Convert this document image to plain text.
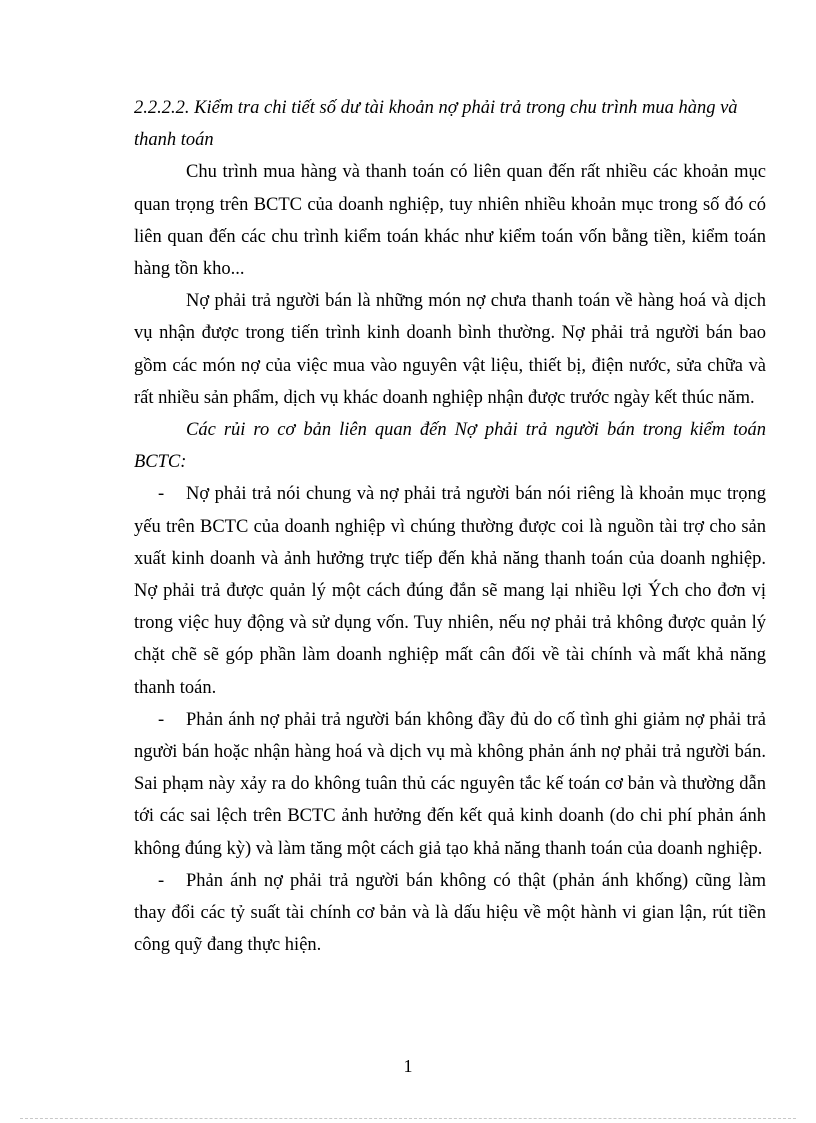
2.2.2.2. Kiểm tra chi tiết số dư tài khoản nợ phải trả trong chu trình mua hàng và thanh toán

Chu trình mua hàng và thanh toán có liên quan đến rất nhiều các khoản mục quan trọng trên BCTC của doanh nghiệp, tuy nhiên nhiều khoản mục trong số đó có liên quan đến các chu trình kiểm toán khác như kiểm toán vốn bằng tiền, kiểm toán hàng tồn kho...

Nợ phải trả người bán là những món nợ chưa thanh toán về hàng hoá và dịch vụ nhận được trong tiến trình kinh doanh bình thường. Nợ phải trả người bán bao gồm các món nợ của việc mua vào nguyên vật liệu, thiết bị, điện nước, sửa chữa và rất nhiều sản phẩm, dịch vụ khác doanh nghiệp nhận được trước ngày kết thúc năm.

Các rủi ro cơ bản liên quan đến Nợ phải trả người bán trong kiểm toán BCTC:

- Nợ phải trả nói chung và nợ phải trả người bán nói riêng là khoản mục trọng yếu trên BCTC của doanh nghiệp vì chúng thường được coi là nguồn tài trợ cho sản xuất kinh doanh và ảnh hưởng trực tiếp đến khả năng thanh toán của doanh nghiệp. Nợ phải trả được quản lý một cách đúng đắn sẽ mang lại nhiều lợi Ých cho đơn vị trong việc huy động và sử dụng vốn. Tuy nhiên, nếu nợ phải trả không được quản lý chặt chẽ sẽ góp phần làm doanh nghiệp mất cân đối về tài chính và mất khả năng thanh toán.

- Phản ánh nợ phải trả người bán không đầy đủ do cố tình ghi giảm nợ phải trả người bán hoặc nhận hàng hoá và dịch vụ mà không phản ánh nợ phải trả người bán. Sai phạm này xảy ra do không tuân thủ các nguyên tắc kế toán cơ bản và thường dẫn tới các sai lệch trên BCTC ảnh hưởng đến kết quả kinh doanh (do chi phí phản ánh không đúng kỳ) và làm tăng một cách giả tạo khả năng thanh toán của doanh nghiệp.

- Phản ánh nợ phải trả người bán không có thật (phản ánh khống) cũng làm thay đổi các tỷ suất tài chính cơ bản và là dấu hiệu về một hành vi gian lận, rút tiền công quỹ đang thực hiện.

1
